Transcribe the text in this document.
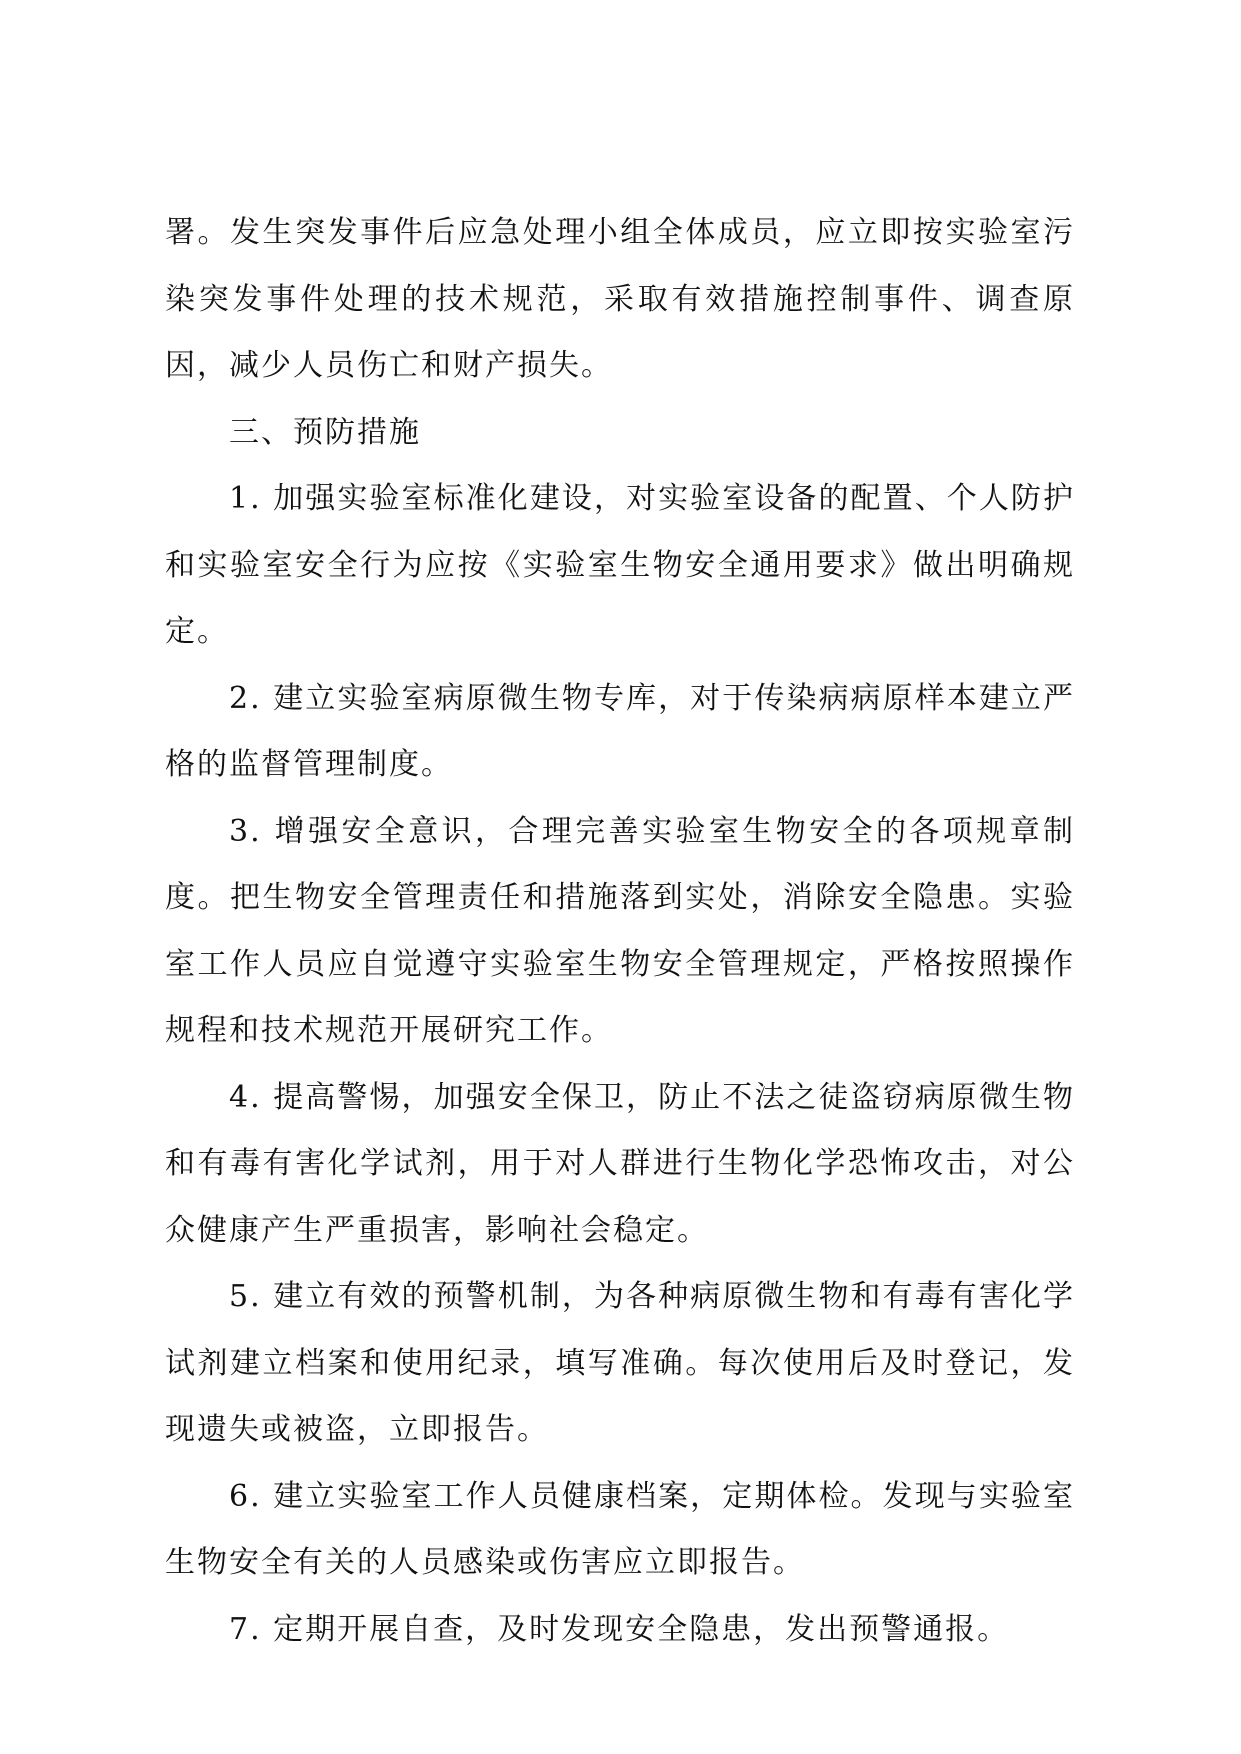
署。发生突发事件后应急处理小组全体成员，应立即按实验室污染突发事件处理的技术规范，采取有效措施控制事件、调查原因，减少人员伤亡和财产损失。

三、预防措施

1. 加强实验室标准化建设，对实验室设备的配置、个人防护和实验室安全行为应按《实验室生物安全通用要求》做出明确规定。

2. 建立实验室病原微生物专库，对于传染病病原样本建立严格的监督管理制度。

3. 增强安全意识，合理完善实验室生物安全的各项规章制度。把生物安全管理责任和措施落到实处，消除安全隐患。实验室工作人员应自觉遵守实验室生物安全管理规定，严格按照操作规程和技术规范开展研究工作。

4. 提高警惕，加强安全保卫，防止不法之徒盗窃病原微生物和有毒有害化学试剂，用于对人群进行生物化学恐怖攻击，对公众健康产生严重损害，影响社会稳定。

5. 建立有效的预警机制，为各种病原微生物和有毒有害化学试剂建立档案和使用纪录，填写准确。每次使用后及时登记，发现遗失或被盗，立即报告。

6. 建立实验室工作人员健康档案，定期体检。发现与实验室生物安全有关的人员感染或伤害应立即报告。

7. 定期开展自查，及时发现安全隐患，发出预警通报。
